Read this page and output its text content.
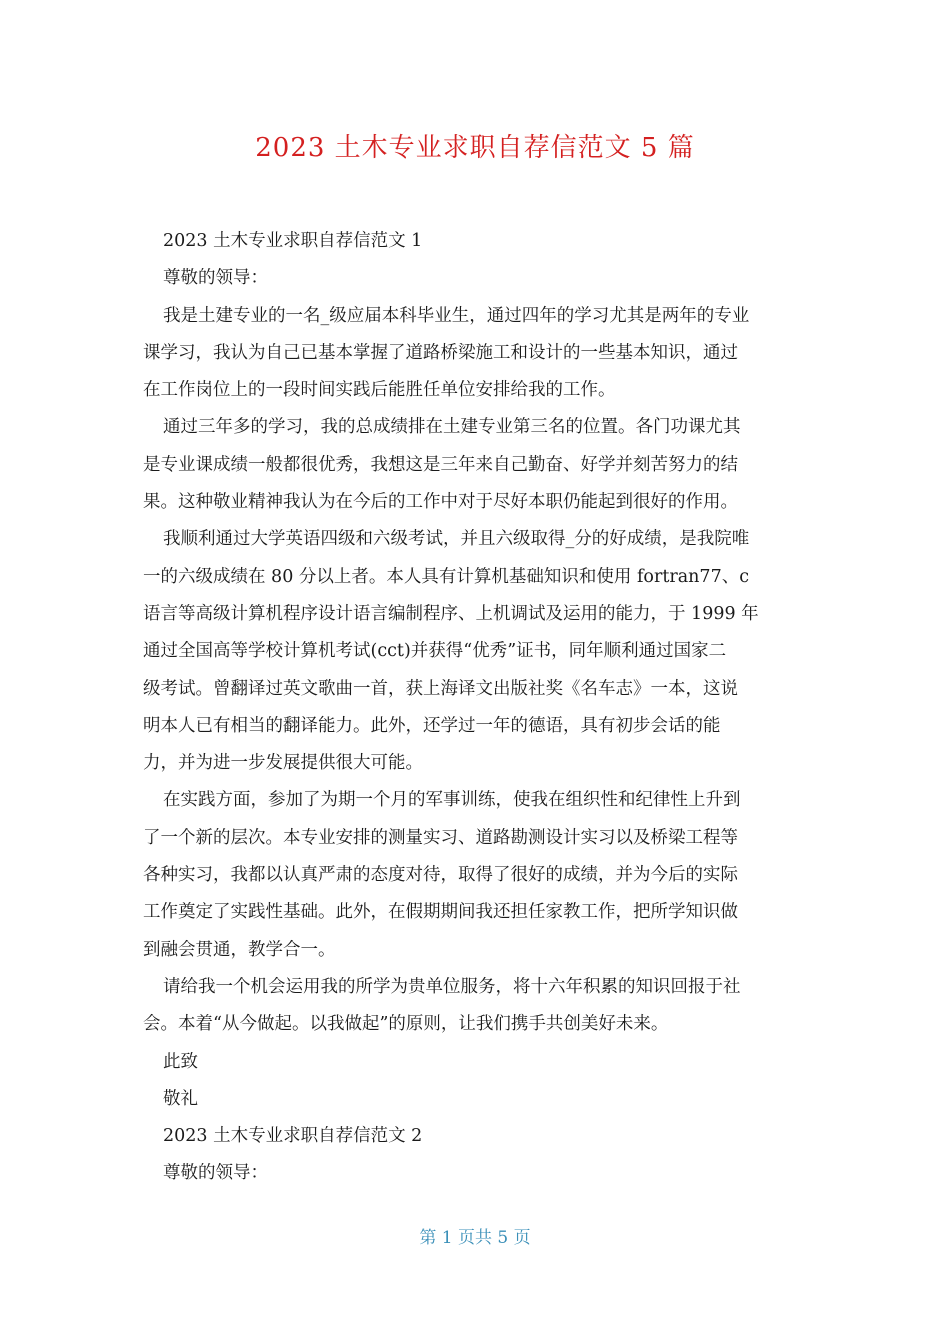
2023 土木专业求职自荐信范文 5 篇
2023 土木专业求职自荐信范文 1
尊敬的领导：
我是土建专业的一名_级应届本科毕业生，通过四年的学习尤其是两年的专业
课学习，我认为自己已基本掌握了道路桥梁施工和设计的一些基本知识，通过
在工作岗位上的一段时间实践后能胜任单位安排给我的工作。
通过三年多的学习，我的总成绩排在土建专业第三名的位置。各门功课尤其
是专业课成绩一般都很优秀，我想这是三年来自己勤奋、好学并刻苦努力的结
果。这种敬业精神我认为在今后的工作中对于尽好本职仍能起到很好的作用。
我顺利通过大学英语四级和六级考试，并且六级取得_分的好成绩，是我院唯
一的六级成绩在 80 分以上者。本人具有计算机基础知识和使用 fortran77、c
语言等高级计算机程序设计语言编制程序、上机调试及运用的能力，于 1999 年
通过全国高等学校计算机考试(cct)并获得“优秀”证书，同年顺利通过国家二
级考试。曾翻译过英文歌曲一首，获上海译文出版社奖《名车志》一本，这说
明本人已有相当的翻译能力。此外，还学过一年的德语，具有初步会话的能
力，并为进一步发展提供很大可能。
在实践方面，参加了为期一个月的军事训练，使我在组织性和纪律性上升到
了一个新的层次。本专业安排的测量实习、道路勘测设计实习以及桥梁工程等
各种实习，我都以认真严肃的态度对待，取得了很好的成绩，并为今后的实际
工作奠定了实践性基础。此外，在假期期间我还担任家教工作，把所学知识做
到融会贯通，教学合一。
请给我一个机会运用我的所学为贵单位服务，将十六年积累的知识回报于社
会。本着“从今做起。以我做起”的原则，让我们携手共创美好未来。
此致
敬礼
2023 土木专业求职自荐信范文 2
尊敬的领导：
第 1 页共 5 页
